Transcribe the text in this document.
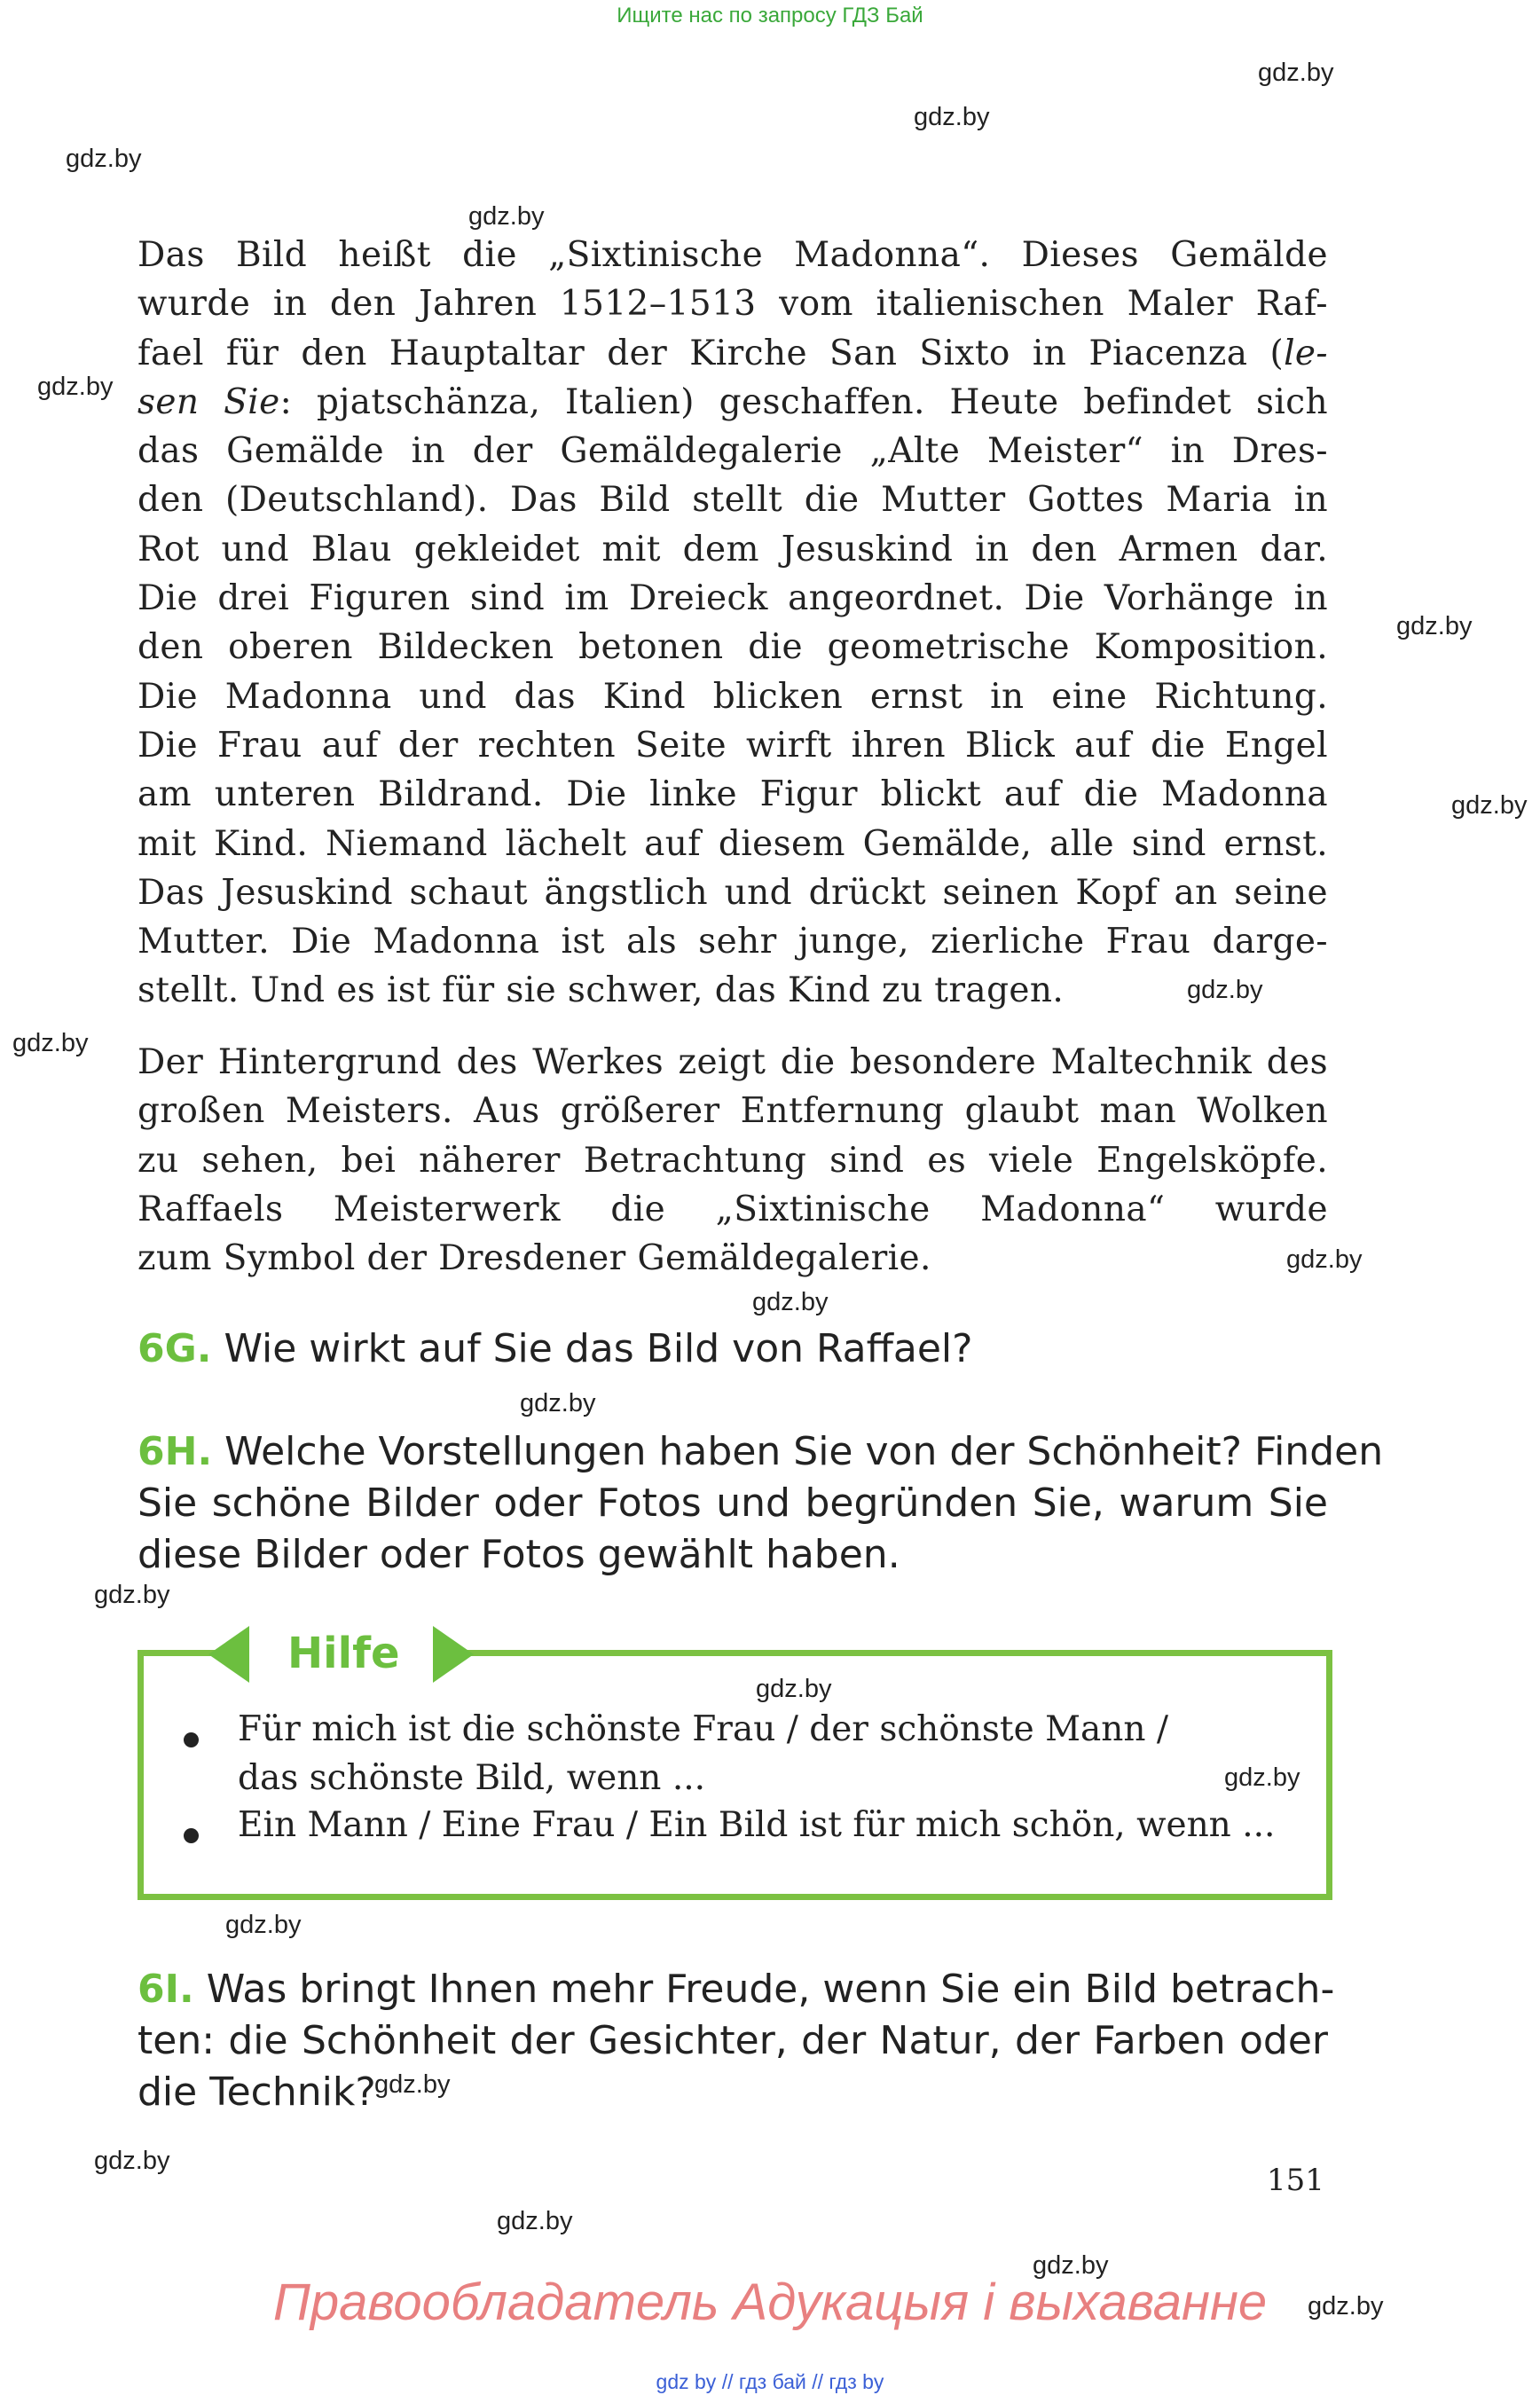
Ищите нас по запросу ГДЗ Бай
gdz.by
gdz.by
gdz.by
gdz.by
gdz.by
gdz.by
gdz.by
gdz.by
gdz.by
gdz.by
gdz.by
gdz.by
gdz.by
gdz.by
gdz.by
gdz.by
gdz.by
gdz.by
gdz.by
gdz.by
gdz.by
Das Bild heißt die „Sixtinische Madonna“. Dieses Gemälde
wurde in den Jahren 1512–1513 vom italienischen Maler Raf-
fael für den Hauptaltar der Kirche San Sixto in Piacenza (le-
sen Sie: pjatschänza, Italien) geschaffen. Heute befindet sich
das Gemälde in der Gemäldegalerie „Alte Meister“ in Dres-
den (Deutschland). Das Bild stellt die Mutter Gottes Maria in
Rot und Blau gekleidet mit dem Jesuskind in den Armen dar.
Die drei Figuren sind im Dreieck angeordnet. Die Vorhänge in
den oberen Bildecken betonen die geometrische Komposition.
Die Madonna und das Kind blicken ernst in eine Richtung.
Die Frau auf der rechten Seite wirft ihren Blick auf die Engel
am unteren Bildrand. Die linke Figur blickt auf die Madonna
mit Kind. Niemand lächelt auf diesem Gemälde, alle sind ernst.
Das Jesuskind schaut ängstlich und drückt seinen Kopf an seine
Mutter. Die Madonna ist als sehr junge, zierliche Frau darge-
stellt. Und es ist für sie schwer, das Kind zu tragen.
Der Hintergrund des Werkes zeigt die besondere Maltechnik des
großen Meisters. Aus größerer Entfernung glaubt man Wolken
zu sehen, bei näherer Betrachtung sind es viele Engelsköpfe.
Raffaels Meisterwerk die „Sixtinische Madonna“ wurde
zum Symbol der Dresdener Gemäldegalerie.
6G. Wie wirkt auf Sie das Bild von Raffael?
6H. Welche Vorstellungen haben Sie von der Schönheit? Finden
Sie schöne Bilder oder Fotos und begründen Sie, warum Sie
diese Bilder oder Fotos gewählt haben.
Hilfe
Für mich ist die schönste Frau / der schönste Mann /
das schönste Bild, wenn ...
Ein Mann / Eine Frau / Ein Bild ist für mich schön, wenn ...
6I. Was bringt Ihnen mehr Freude, wenn Sie ein Bild betrach-
ten: die Schönheit der Gesichter, der Natur, der Farben oder
die Technik?
151
Правообладатель Адукацыя і выхаванне
gdz by // гдз бай // гдз by
